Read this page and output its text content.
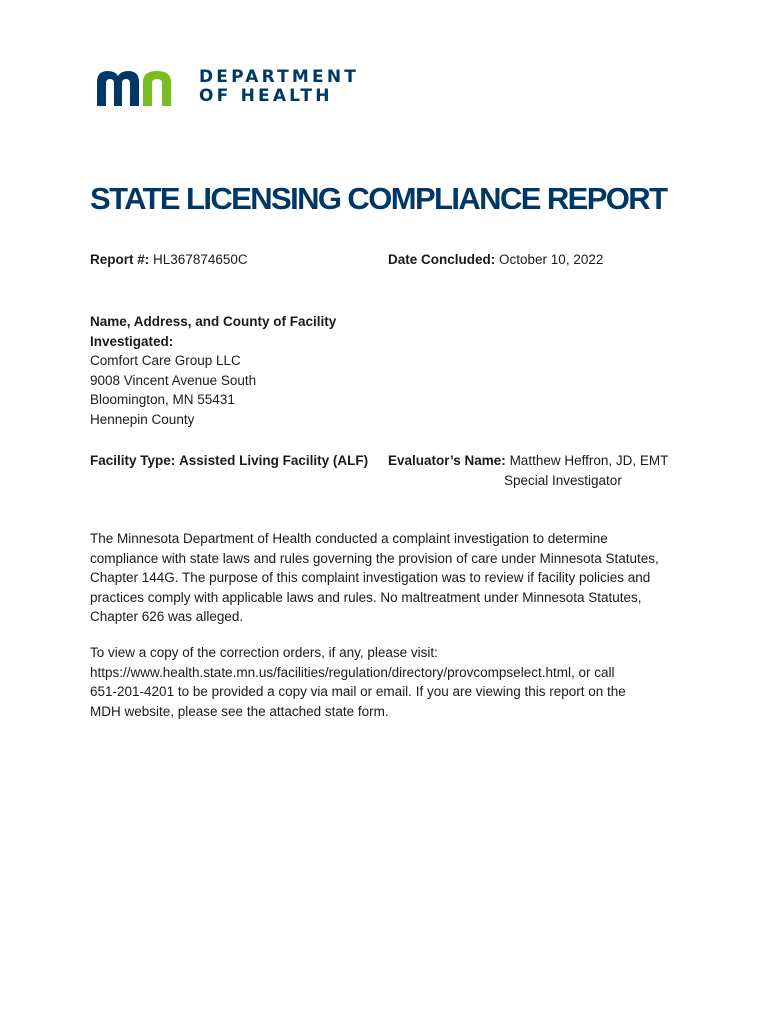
DEPARTMENT
OF HEALTH
STATE LICENSING COMPLIANCE REPORT
Report #: HL367874650C	Date Concluded: October 10, 2022
Name, Address, and County of Facility
Investigated:
Comfort Care Group LLC
9008 Vincent Avenue South
Bloomington, MN 55431
Hennepin County
Facility Type: Assisted Living Facility (ALF) Evaluator’s Name: Matthew Heffron, JD, EMT
Special Investigator
The Minnesota Department of Health conducted a complaint investigation to determine
compliance with state laws and rules governing the provision of care under Minnesota Statutes,
Chapter 144G. The purpose of this complaint investigation was to review if facility policies and
practices comply with applicable laws and rules. No maltreatment under Minnesota Statutes,
Chapter 626 was alleged.
To view a copy of the correction orders, if any, please visit:
https://www.health.state.mn.us/facilities/regulation/directory/provcompselect.html, or call
651-201-4201 to be provided a copy via mail or email. If you are viewing this report on the
MDH website, please see the attached state form.
